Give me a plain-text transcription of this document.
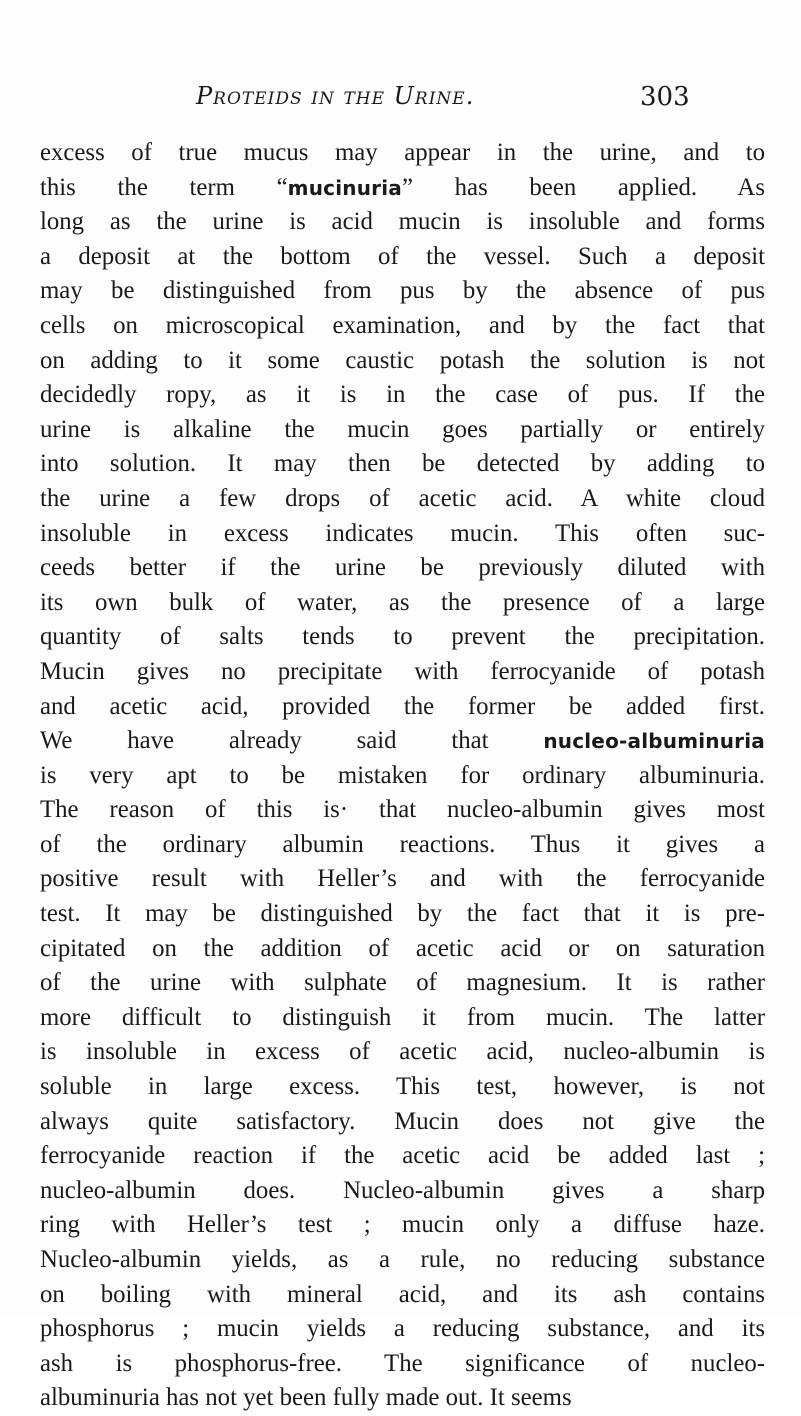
Proteids in the Urine.	303
excess of true mucus may appear in the urine, and to
this the term “mucinuria” has been applied. As
long as the urine is acid mucin is insoluble and forms
a deposit at the bottom of the vessel. Such a deposit
may be distinguished from pus by the absence of pus
cells on microscopical examination, and by the fact that
on adding to it some caustic potash the solution is not
decidedly ropy, as it is in the case of pus. If the
urine is alkaline the mucin goes partially or entirely
into solution. It may then be detected by adding to
the urine a few drops of acetic acid. A white cloud
insoluble in excess indicates mucin. This often suc-
ceeds better if the urine be previously diluted with
its own bulk of water, as the presence of a large
quantity of salts tends to prevent the precipitation.
Mucin gives no precipitate with ferrocyanide of potash
and acetic acid, provided the former be added first.
We have already said that nucleo-albuminuria
is very apt to be mistaken for ordinary albuminuria.
The reason of this is· that nucleo-albumin gives most
of the ordinary albumin reactions. Thus it gives a
positive result with Heller’s and with the ferrocyanide
test. It may be distinguished by the fact that it is pre-
cipitated on the addition of acetic acid or on saturation
of the urine with sulphate of magnesium. It is rather
more difficult to distinguish it from mucin. The latter
is insoluble in excess of acetic acid, nucleo-albumin is
soluble in large excess. This test, however, is not
always quite satisfactory. Mucin does not give the
ferrocyanide reaction if the acetic acid be added last ;
nucleo-albumin does. Nucleo-albumin gives a sharp
ring with Heller’s test ; mucin only a diffuse haze.
Nucleo-albumin yields, as a rule, no reducing substance
on boiling with mineral acid, and its ash contains
phosphorus ; mucin yields a reducing substance, and its
ash is phosphorus-free. The significance of nucleo-
albuminuria has not yet been fully made out. It seems
